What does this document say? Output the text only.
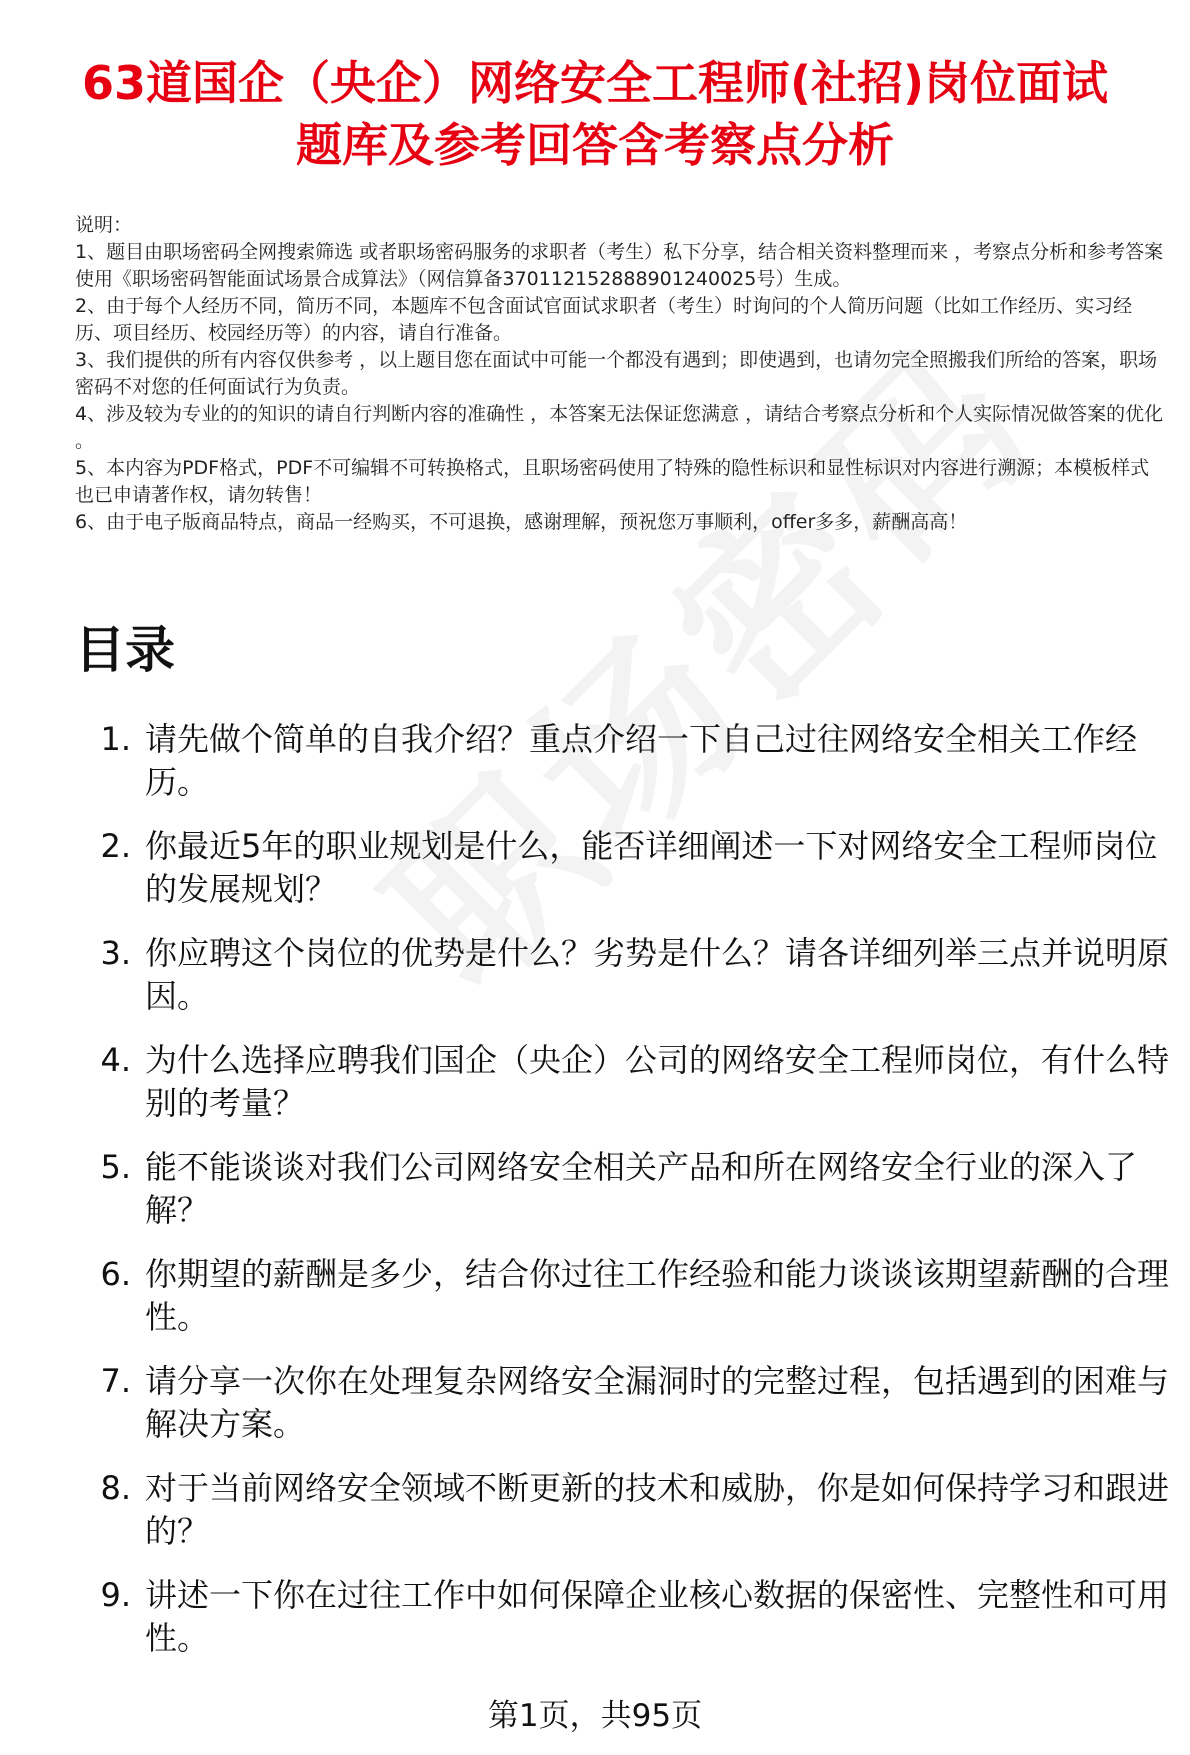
63道国企（央企）网络安全工程师(社招)岗位面试题库及参考回答含考察点分析

说明：

1、题目由职场密码全网搜索筛选 或者职场密码服务的求职者（考生）私下分享，结合相关资料整理而来 ，考察点分析和参考答案使用《职场密码智能面试场景合成算法》（网信算备370112152888901240025号）生成。

2、由于每个人经历不同，简历不同，本题库不包含面试官面试求职者（考生）时询问的个人简历问题（比如工作经历、实习经历、项目经历、校园经历等）的内容，请自行准备。

3、我们提供的所有内容仅供参考 ，以上题目您在面试中可能一个都没有遇到；即使遇到，也请勿完全照搬我们所给的答案，职场密码不对您的任何面试行为负责。

4、涉及较为专业的的知识的请自行判断内容的准确性 ，本答案无法保证您满意 ，请结合考察点分析和个人实际情况做答案的优化 。

5、本内容为PDF格式，PDF不可编辑不可转换格式，且职场密码使用了特殊的隐性标识和显性标识对内容进行溯源；本模板样式也已申请著作权，请勿转售！

6、由于电子版商品特点，商品一经购买，不可退换，感谢理解，预祝您万事顺利，offer多多，薪酬高高！

目录
1. 请先做个简单的自我介绍？重点介绍一下自己过往网络安全相关工作经历。
2. 你最近5年的职业规划是什么，能否详细阐述一下对网络安全工程师岗位的发展规划？
3. 你应聘这个岗位的优势是什么？劣势是什么？请各详细列举三点并说明原因。
4. 为什么选择应聘我们国企（央企）公司的网络安全工程师岗位，有什么特别的考量？
5. 能不能谈谈对我们公司网络安全相关产品和所在网络安全行业的深入了解？
6. 你期望的薪酬是多少，结合你过往工作经验和能力谈谈该期望薪酬的合理性。
7. 请分享一次你在处理复杂网络安全漏洞时的完整过程，包括遇到的困难与解决方案。
8. 对于当前网络安全领域不断更新的技术和威胁，你是如何保持学习和跟进的？
9. 讲述一下你在过往工作中如何保障企业核心数据的保密性、完整性和可用性。
第1页，共95页
